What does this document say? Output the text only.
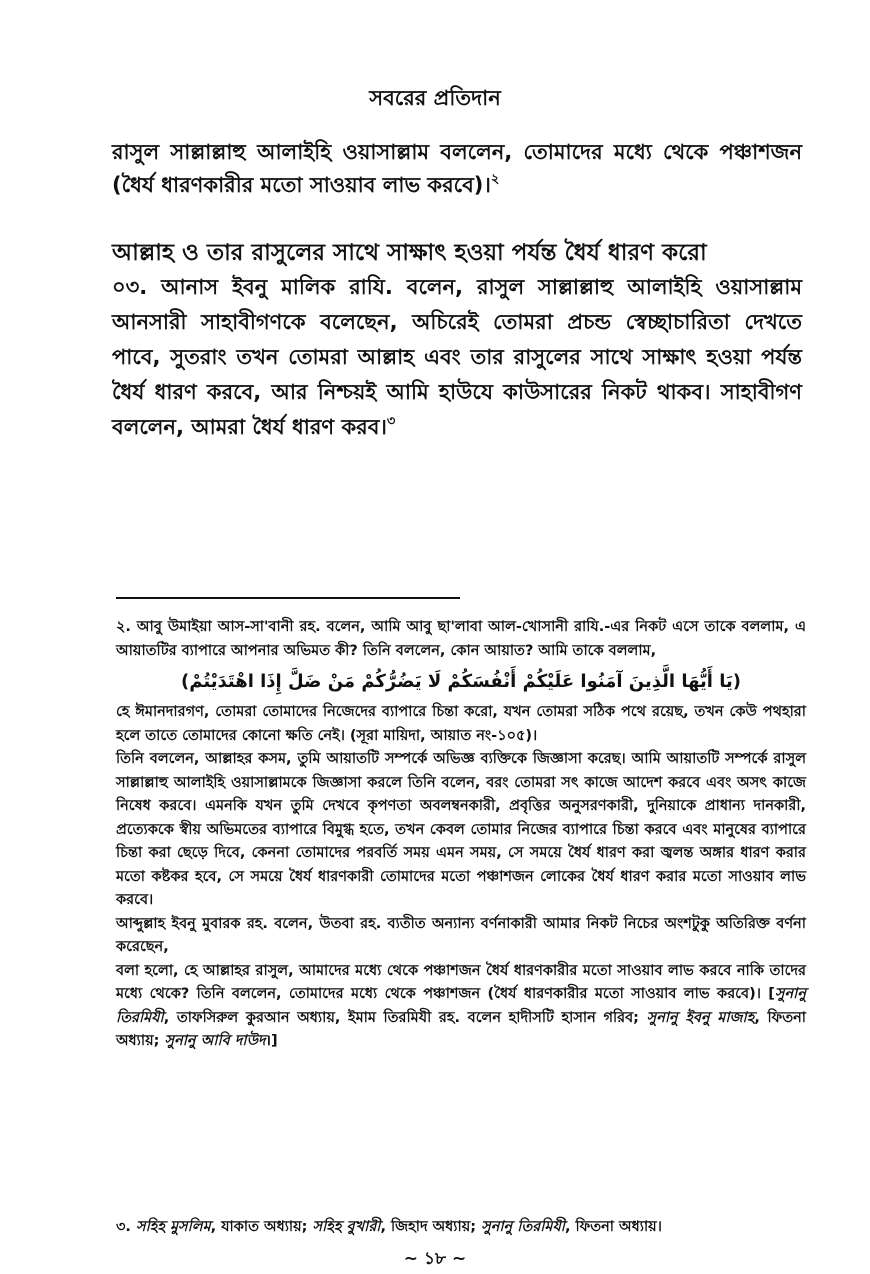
সবরের প্রতিদান
রাসুল সাল্লাল্লাহু আলাইহি ওয়াসাল্লাম বললেন, তোমাদের মধ্যে থেকে পঞ্চাশজন (ধৈর্য ধারণকারীর মতো সাওয়াব লাভ করবে)।$^২$
আল্লাহ ও তার রাসুলের সাথে সাক্ষাৎ হওয়া পর্যন্ত ধৈর্য ধারণ করো
০৩. আনাস ইবনু মালিক রাযি. বলেন, রাসুল সাল্লাল্লাহু আলাইহি ওয়াসাল্লাম আনসারী সাহাবীগণকে বলেছেন, অচিরেই তোমরা প্রচন্ড স্বেচ্ছাচারিতা দেখতে পাবে, সুতরাং তখন তোমরা আল্লাহ এবং তার রাসুলের সাথে সাক্ষাৎ হওয়া পর্যন্ত ধৈর্য ধারণ করবে, আর নিশ্চয়ই আমি হাউযে কাউসারের নিকট থাকব। সাহাবীগণ বললেন, আমরা ধৈর্য ধারণ করব।$^৩$

২. আবু উমাইয়া আস-সা'বানী রহ. বলেন, আমি আবু ছা'লাবা আল-খোসানী রাযি.-এর নিকট এসে তাকে বললাম, এ আয়াতটির ব্যাপারে আপনার অভিমত কী? তিনি বললেন, কোন আয়াত? আমি তাকে বললাম,

(يَا أَيُّهَا الَّذِينَ آمَنُوا عَلَيْكُمْ أَنْفُسَكُمْ لَا يَضُرُّكُمْ مَنْ ضَلَّ إِذَا اهْتَدَيْتُمْ)

হে ঈমানদারগণ, তোমরা তোমাদের নিজেদের ব্যাপারে চিন্তা করো, যখন তোমরা সঠিক পথে রয়েছ, তখন কেউ পথহারা হলে তাতে তোমাদের কোনো ক্ষতি নেই। (সূরা মায়িদা, আয়াত নং-১০৫)।

তিনি বললেন, আল্লাহর কসম, তুমি আয়াতটি সম্পর্কে অভিজ্ঞ ব্যক্তিকে জিজ্ঞাসা করেছ। আমি আয়াতটি সম্পর্কে রাসুল সাল্লাল্লাহু আলাইহি ওয়াসাল্লামকে জিজ্ঞাসা করলে তিনি বলেন, বরং তোমরা সৎ কাজে আদেশ করবে এবং অসৎ কাজে নিষেধ করবে। এমনকি যখন তুমি দেখবে কৃপণতা অবলম্বনকারী, প্রবৃত্তির অনুসরণকারী, দুনিয়াকে প্রাধান্য দানকারী, প্রত্যেককে স্বীয় অভিমতের ব্যাপারে বিমুগ্ধ হতে, তখন কেবল তোমার নিজের ব্যাপারে চিন্তা করবে এবং মানুষের ব্যাপারে চিন্তা করা ছেড়ে দিবে, কেননা তোমাদের পরবর্তি সময় এমন সময়, সে সময়ে ধৈর্য ধারণ করা জ্বলন্ত অঙ্গার ধারণ করার মতো কষ্টকর হবে, সে সময়ে ধৈর্য ধারণকারী তোমাদের মতো পঞ্চাশজন লোকের ধৈর্য ধারণ করার মতো সাওয়াব লাভ করবে।

আব্দুল্লাহ ইবনু মুবারক রহ. বলেন, উতবা রহ. ব্যতীত অন্যান্য বর্ণনাকারী আমার নিকট নিচের অংশটুকু অতিরিক্ত বর্ণনা করেছেন,

বলা হলো, হে আল্লাহর রাসুল, আমাদের মধ্যে থেকে পঞ্চাশজন ধৈর্য ধারণকারীর মতো সাওয়াব লাভ করবে নাকি তাদের মধ্যে থেকে? তিনি বললেন, তোমাদের মধ্যে থেকে পঞ্চাশজন (ধৈর্য ধারণকারীর মতো সাওয়াব লাভ করবে)। [সুনানু তিরমিযী, তাফসিরুল কুরআন অধ্যায়, ইমাম তিরমিযী রহ. বলেন হাদীসটি হাসান গরিব; সুনানু ইবনু মাজাহ, ফিতনা অধ্যায়; সুনানু আবি দাউদ।]

৩. সহিহ মুসলিম, যাকাত অধ্যায়; সহিহ বুখারী, জিহাদ অধ্যায়; সুনানু তিরমিযী, ফিতনা অধ্যায়।
~ ১৮ ~
